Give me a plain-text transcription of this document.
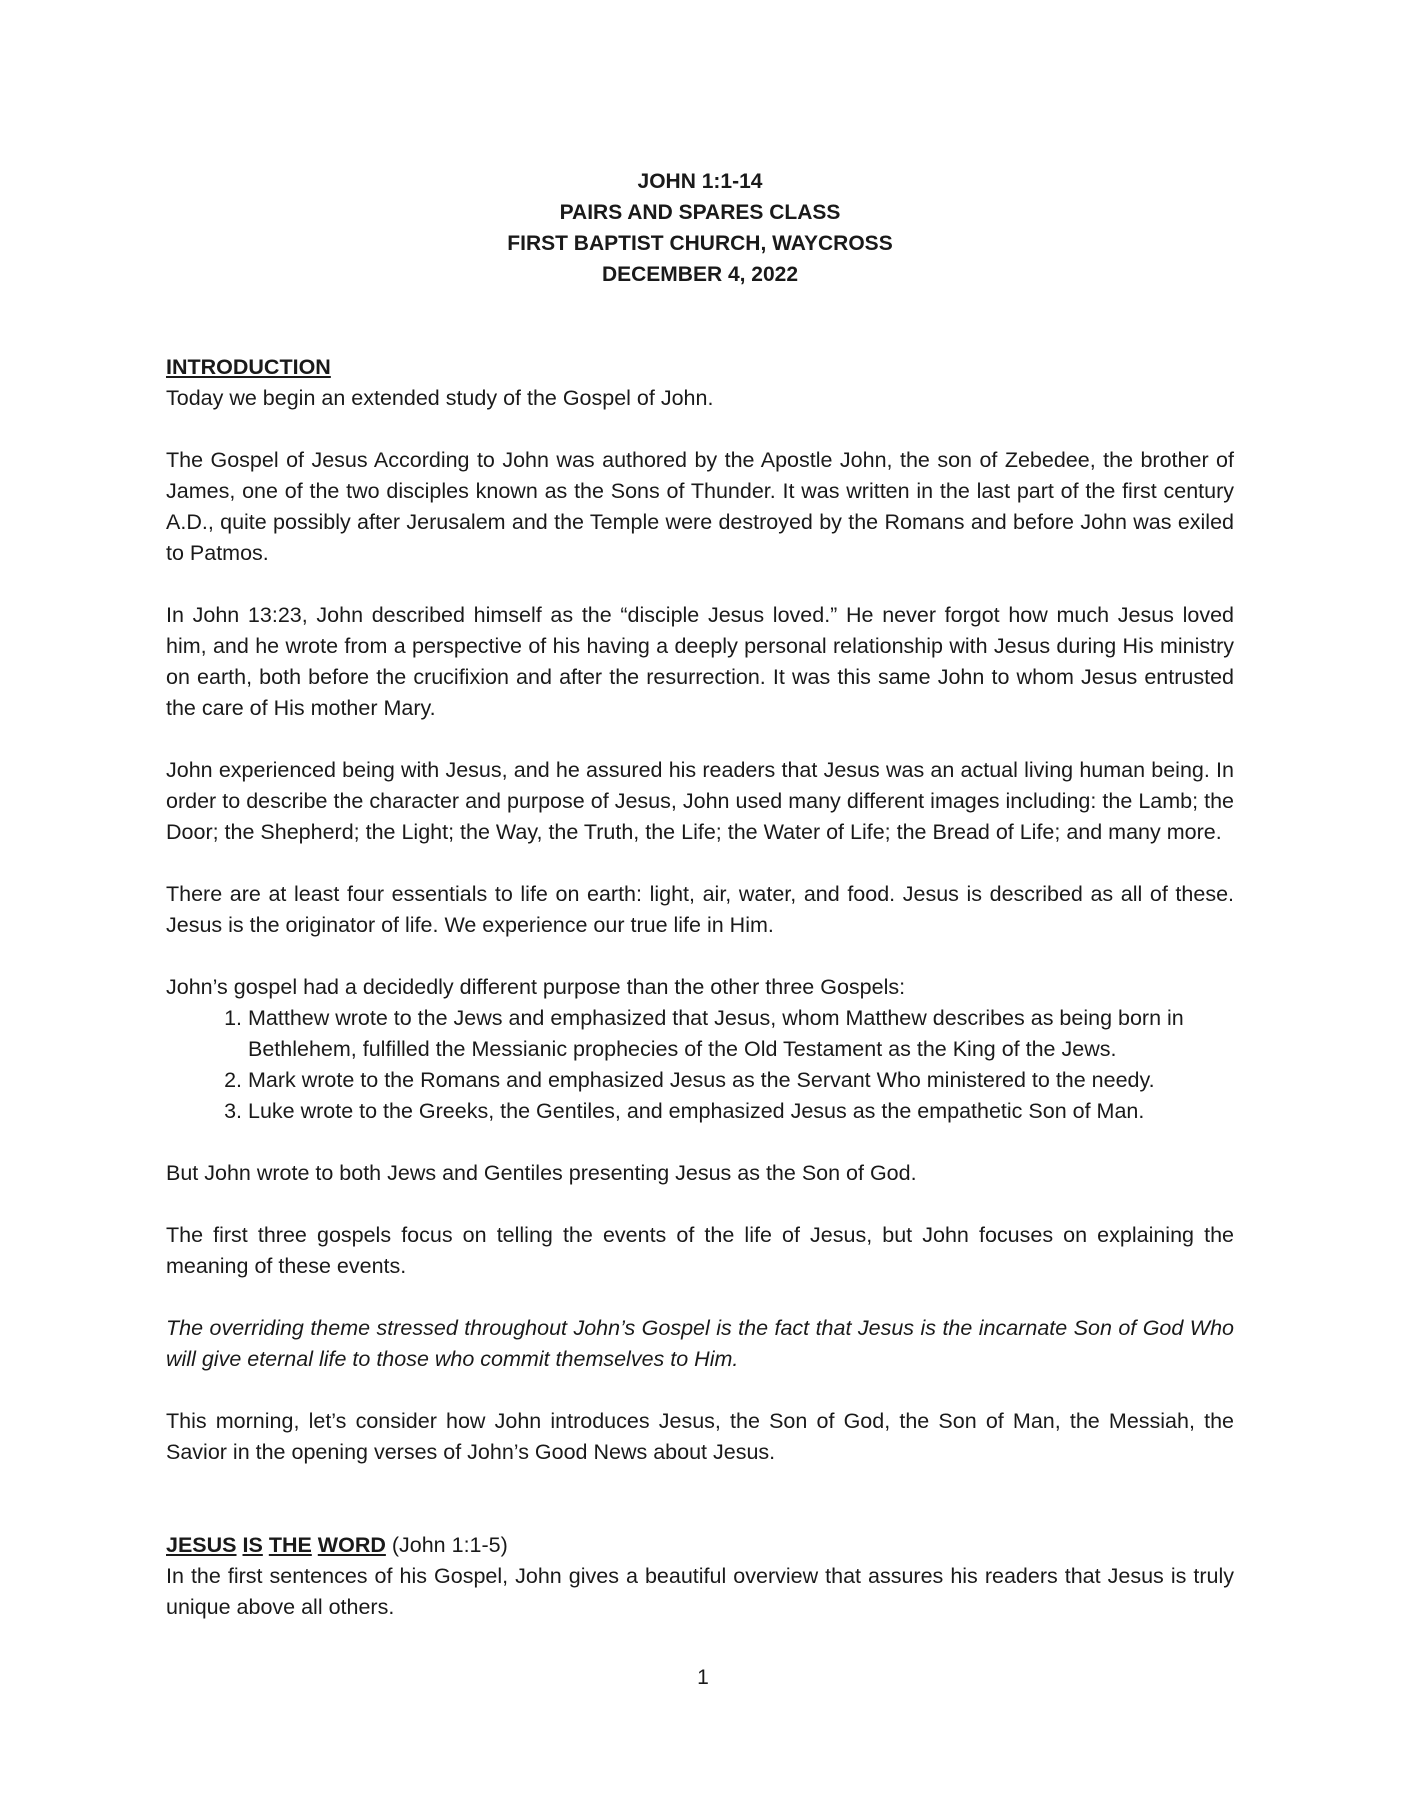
JOHN 1:1-14
PAIRS AND SPARES CLASS
FIRST BAPTIST CHURCH, WAYCROSS
DECEMBER 4, 2022
INTRODUCTION

Today we begin an extended study of the Gospel of John.

The Gospel of Jesus According to John was authored by the Apostle John, the son of Zebedee, the brother of James, one of the two disciples known as the Sons of Thunder. It was written in the last part of the first century A.D., quite possibly after Jerusalem and the Temple were destroyed by the Romans and before John was exiled to Patmos.

In John 13:23, John described himself as the “disciple Jesus loved.” He never forgot how much Jesus loved him, and he wrote from a perspective of his having a deeply personal relationship with Jesus during His ministry on earth, both before the crucifixion and after the resurrection. It was this same John to whom Jesus entrusted the care of His mother Mary.

John experienced being with Jesus, and he assured his readers that Jesus was an actual living human being. In order to describe the character and purpose of Jesus, John used many different images including: the Lamb; the Door; the Shepherd; the Light; the Way, the Truth, the Life; the Water of Life; the Bread of Life; and many more.

There are at least four essentials to life on earth: light, air, water, and food. Jesus is described as all of these. Jesus is the originator of life. We experience our true life in Him.

John’s gospel had a decidedly different purpose than the other three Gospels:

1. Matthew wrote to the Jews and emphasized that Jesus, whom Matthew describes as being born in Bethlehem, fulfilled the Messianic prophecies of the Old Testament as the King of the Jews.
2. Mark wrote to the Romans and emphasized Jesus as the Servant Who ministered to the needy.
3. Luke wrote to the Greeks, the Gentiles, and emphasized Jesus as the empathetic Son of Man.

But John wrote to both Jews and Gentiles presenting Jesus as the Son of God.

The first three gospels focus on telling the events of the life of Jesus, but John focuses on explaining the meaning of these events.

The overriding theme stressed throughout John’s Gospel is the fact that Jesus is the incarnate Son of God Who will give eternal life to those who commit themselves to Him.

This morning, let’s consider how John introduces Jesus, the Son of God, the Son of Man, the Messiah, the Savior in the opening verses of John’s Good News about Jesus.

JESUS IS THE WORD (John 1:1-5)

In the first sentences of his Gospel, John gives a beautiful overview that assures his readers that Jesus is truly unique above all others.

1
